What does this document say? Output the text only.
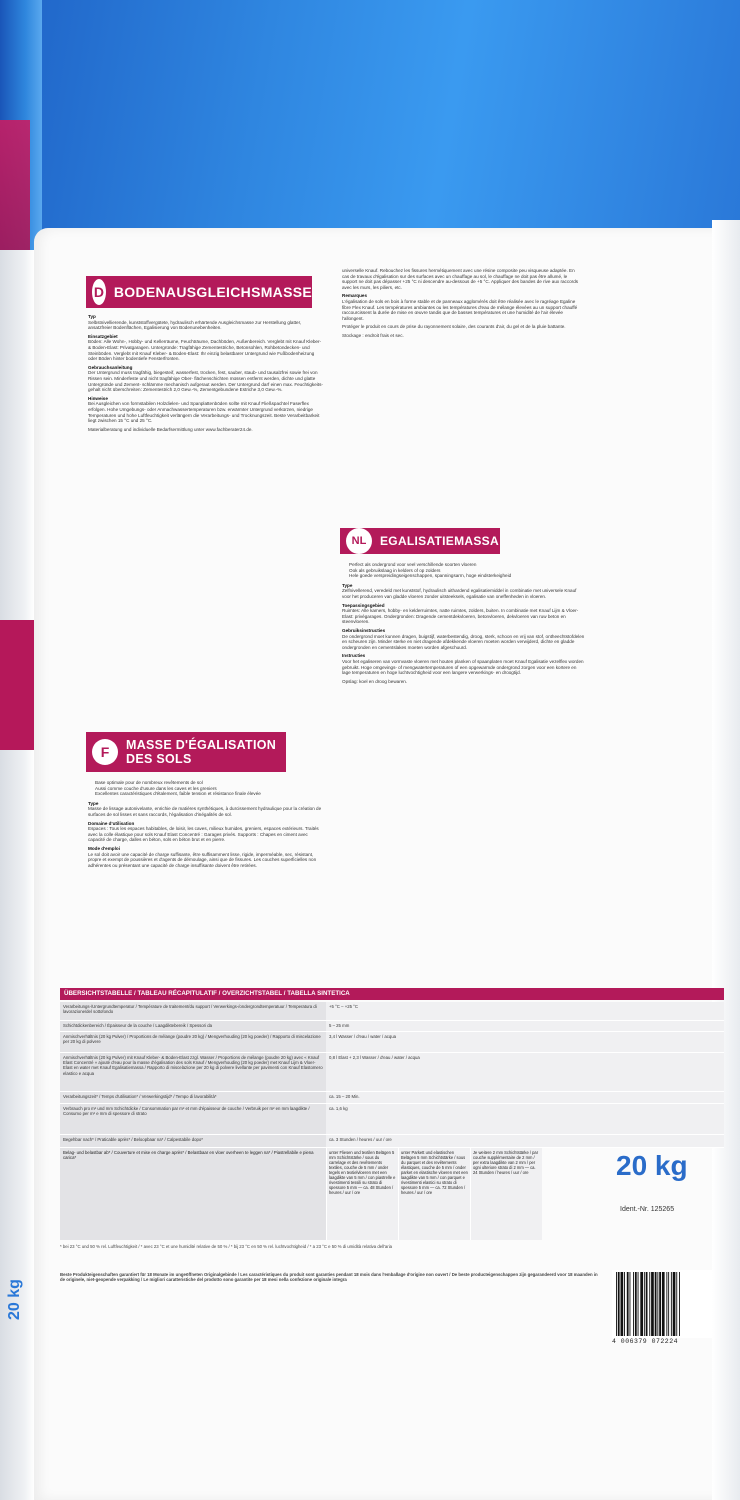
20 kg
D BODENAUSGLEICHSMASSE

Typ
Selbstnivellierende, kunststoffvergütete, hydraulisch erhärtende Ausgleichsmasse zur Herstellung glatter, ansatzfreier Bodenflächen, Egalisierung von Bodenunebenheiten.

Einsatzgebiet
Böden: Alle Wohn-, Hobby- und Kellerräume, Feuchträume, Dachböden, Außenbereich. Verglebt mit Knauf Kleber- & Boden-Elast: Privatgaragen. Untergründe: Tragfähige Zementestriche, Betonsohlen, Rohbetondecken- und Steinböden. Verglebt mit Knauf Kleber- & Boden-Elast: Ihr einzig belastbarer Untergrund wie Fußbodenheizung oder Böden hinter bodentiefe Fensterfronten.

Gebrauchsanleitung
Der Untergrund muss tragfähig, biegesteif, wasserfest, trocken, fest, sauber, staub- und tausalzfrei sowie frei von Rissen sein. Minderfeste und nicht tragfähige Ober- flächenschichten müssen entfernt werden, dichte und glatte Untergründe und Zement- schlämme mechanisch aufgeraut werden. Der Untergrund darf einen max. Feuchtigkeits- gehalt nicht überschreiten: Zementestrich 2,0 Gew.-%, Zementgebundene Estriche 3,0 Gew.-%.

Hinweise
Bei Ausgleichen von formstabilen Holzdielen- und Spanplattenböden sollte mit Knauf Fließspachtel Faserflex erfolgen. Hohe Umgebungs- oder Anmachwassertemperaturen bzw. erwärmter Untergrund verkürzen, niedrige Temperaturen und hohe Luftfeuchtigkeit verlängern die Verarbeitungs- und Trocknungszeit. Beste Verarbeitbarkeit liegt zwischen 15 °C und 25 °C.

Materialberatung und individuelle Bedarfsermittlung unter www.fachberater24.de.

F	MASSE D'ÉGALISATION
DES SOLS
• Base optimale pour de nombreux revêtements de sol
• Aussi comme couche d'usure dans les caves et les greniers
• Excellentes caractéristiques d'étalement, faible tension et résistance finale élevée

Type
Masse de lissage autonivelante, enrichie de matières synthétiques, à durcissement hydraulique pour la création de surfaces de sol lisses et sans raccords, l'égalisation d'inégalités de sol.

Domaine d'utilisation
Espaces : Tous les espaces habitables, de loisir, les caves, milieux humides, greniers, espaces extérieurs. Traités avec la colle élastique pour sols Knauf Elast Concentré : Garages privés. Supports : Chapes en ciment avec capacité de charge, dalles en béton, sols en béton brut et en pierre.

Mode d'emploi
Le sol doit avoir une capacité de charge suffisante, être suffisamment lisse, rigide, imperméable, sec, résistant, propre et exempt de poussières et d'agents de démoulage, ainsi que de fissures. Les couches superficielles non adhérentes ou présentant une capacité de charge insuffisante doivent être retirées.

universelle Knauf. Rebouchez les fissures hermétiquement avec une résine composite peu visqueuse adaptée. En cas de travaux d'égalisation sur des surfaces avec un chauffage au sol, le chauffage ne doit pas être allumé, le support ne doit pas dépasser +25 °C ni descendre au-dessous de +5 °C. Appliquer des bandes de rive aux raccords avec les murs, les piliers, etc.

Remarques
L'égalisation de sols en bois à forme stable et de panneaux agglomérés doit être réalisée avec le ragréage Egaline fibre Flex Knauf. Les températures ambiantes ou les températures d'eau de mélange élevées au un support chauffé raccourcissent la durée de mise en œuvre tandis que de basses températures et une humidité de l'air élevée l'allongent.

Protéger le produit en cours de prise du rayonnement solaire, des courants d'air, du gel et de la pluie battante.

Stockage : endroit frais et sec.

NL	EGALISATIEMASSA
• Perfect als ondergrond voor veel verschillende soorten vloeren
• Ook als gebruikslaag in kelders of op zolders
• Hele goede verspreidingseigenschappen, spanningsarm, hoge eindsterkeigheid

Type
Zelfnivellerend, veredeld met kunststof, hydraulisch uithardend egalisatiemiddel in combinatie met universele Knauf voor het produceren van gladde vloeren zonder uitsteeksels, egalisatie van oneffenheden in vloeren.

Toepassingsgebied
Ruimtes: Alle kamers, hobby- en kelderruimtes, natte ruimtes, zolders, buiten. In combinatie met Knauf Lijm & Vloer-Elast: privégarages. Ondergronden: Dragende cementdekvloeren, betonvloeren, dekvloeren van ruw beton en steenvloeren.

Gebruiksinstructies
De ondergrond moet kunnen dragen, buigstijf, waterbestendig, droog, sterk, schoon en vrij van stof, ontheechtstofdelen en scheuren zijn. Minder sterke en niet dragende afdekkende vloeren moeten worden verwijderd, dichte en gladde ondergronden en cementslakes moeten worden afgeschuurd.

Instructies
Voor het egaliseren van vormvaste vloeren met houten planken of spaanplaten moet Knauf Egalisatie vezelflex worden gebruikt. Hoge omgevings- of mengwatertemperaturen of een opgewarmde ondergrond zorgen voor een kortere en lage temperaturen en hoge luchtvochtigheid voor een langere verwerkings- en droogtijd.

Opslag: koel en droog bewaren.

ÜBERSICHTSTABELLE / TABLEAU RÉCAPITULATIF / OVERZICHTSTABEL / TABELLA SINTETICA
Verarbeitungs-/Untergrundtemperatur / Température de traitement/du support / Verwerkings-/ondergrondtemperatuur / Temperatura di lavorazione/del sottofondo
+5 °C – +25 °C
Schichtdickenbereich / Épaisseur de la couche / Laagdiktebereik / Spessori da	5 – 25 mm
Anmischverhältnis (20 kg Pulver) / Proportions de mélange (poudre 20 kg) / Mengverhouding (20 kg poeder) / Rapporto di miscelazione per 20 kg di polvere
3,4 l Wasser / d'eau / water / acqua
Anmischverhältnis (20 kg Pulver) mit Knauf Kleber- & Boden-Elast zzgl. Wasser / Proportions de mélange (poudre 20 kg) avec « Knauf Elast Concentré » ajouté d'eau pour la masse d'égalisation des sols Knauf / Mengverhouding (20 kg poeder) met Knauf Lijm & Vloer-Elast en water met Knauf Egalisatiemassa / Rapporto di miscelazione per 20 kg di polvere livellante per pavimenti con Knauf Elastomero elastico e acqua
0,8 l Elast + 2,3 l Wasser / d'eau / water / acqua
Verarbeitungszeit* / Temps d'utilisation* / Verwerkingstijd* / Tempo di lavorabilità*	ca. 15 – 20 Min.
Verbrauch pro m² und mm Schichtdicke / Consommation par m² et mm d'épaisseur de couche / Verbruik per m² en mm laagdikte / Consumo per m² e mm di spessore di strato
ca. 1,6 kg
Begehbar nach* / Praticable après* / Beloopbaar na* / Calpestabile dopo*	ca. 3 Stunden / heures / uur / ore
Belag- und belastbar ab* / Couverture et mise en charge après* / Belastbaar en vloer overheen te leggen na* / Piastrellabile e piena carica*
unter Fliesen und textilen Belägen 5 mm Schichtstärke / sous du carrelage et des revêtements textiles, couche de 5 mm / onder tegels en textielvloeren met een laagdikte van 5 mm / con piastrelle e rivestimenti tessili su strato di spessore 5 mm — ca. 48 Stunden / heures / uur / ore
unter Parkett und elastischen Belägen 5 mm Schichtstärke / sous du parquet et des revêtements élastiques, couche de 5 mm / onder parket en elastische vloeren met een laagdikte van 5 mm / con parquet e rivestimenti elastici su strato di spessore 5 mm — ca. 72 Stunden / heures / uur / ore
Je weitere 2 mm Schichtstärke / par couche supplémentaire de 2 mm / per extra laagdikte van 2 mm / per ogni ulteriore strato di 2 mm — ca. 24 Stunden / heures / uur / ore
* bei 23 °C und 50 % rel. Luftfeuchtigkeit / * avec 23 °C et une humidité relative de 50 % / * bij 23 °C en 50 % rel. luchtvochtigheid / * a 23 °C e 50 % di umidità relativa dell'aria
Beste Produkteigenschaften garantiert für 18 Monate im ungeöffneten Originalgebinde / Les caractéristiques du produit sont garanties pendant 18 mois dans l'emballage d'origine non ouvert / De beste producteigenschappen zijn gegarandeerd voor 18 maanden in de originele, niet-geopende verpakking / Le migliori caratteristiche del prodotto sono garantite per 18 mesi nella confezione originale integra
20 kg
Ident.-Nr. 125265
4 006379 072224
